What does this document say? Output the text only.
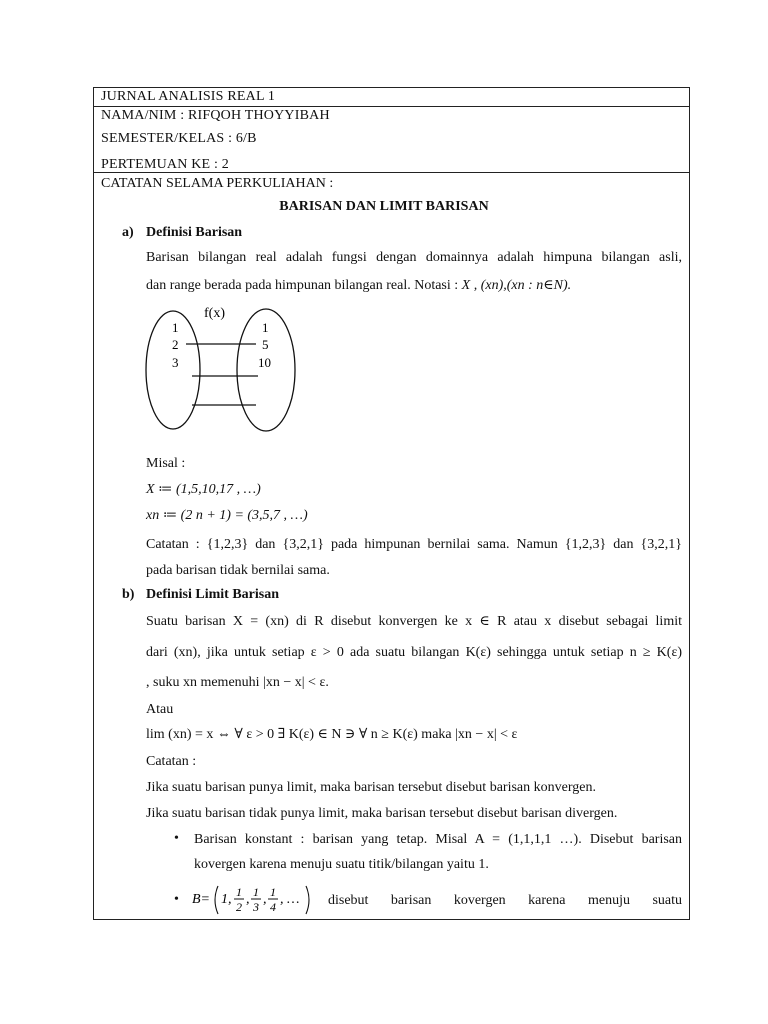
JURNAL ANALISIS REAL 1
NAMA/NIM : RIFQOH THOYYIBAH
SEMESTER/KELAS : 6/B
PERTEMUAN KE : 2
CATATAN SELAMA PERKULIAHAN :
BARISAN DAN LIMIT BARISAN
a) Definisi Barisan
Barisan bilangan real adalah fungsi dengan domainnya adalah himpuna bilangan asli,
dan range berada pada himpunan bilangan real. Notasi : X , (xn),(xn : n∈N).
f(x)
1
2
3
1
5
10
Misal :
X ≔ (1,5,10,17 , …)
xn ≔ (2 n + 1) = (3,5,7 , …)
Catatan : {1,2,3} dan {3,2,1} pada himpunan bernilai sama. Namun {1,2,3} dan {3,2,1}
pada barisan tidak bernilai sama.
b) Definisi Limit Barisan
Suatu barisan X = (xn) di R disebut konvergen ke x ∈ R atau x disebut sebagai limit
dari (xn), jika untuk setiap ε > 0 ada suatu bilangan K(ε) sehingga untuk setiap n ≥ K(ε)
, suku xn memenuhi |xn − x| < ε.
Atau
lim (xn) = x ⇔ ∀ ε > 0 ∃ K(ε) ∈ N ∋ ∀ n ≥ K(ε) maka |xn − x| < ε
Catatan :
Jika suatu barisan punya limit, maka barisan tersebut disebut barisan konvergen.
Jika suatu barisan tidak punya limit, maka barisan tersebut disebut barisan divergen.
• Barisan konstant : barisan yang tetap. Misal A = (1,1,1,1 …). Disebut barisan
kovergen karena menuju suatu titik/bilangan yaitu 1.
• B= 1, 1
2 , 1
3 , 1
4 , … disebut barisan kovergen karena menuju suatu
